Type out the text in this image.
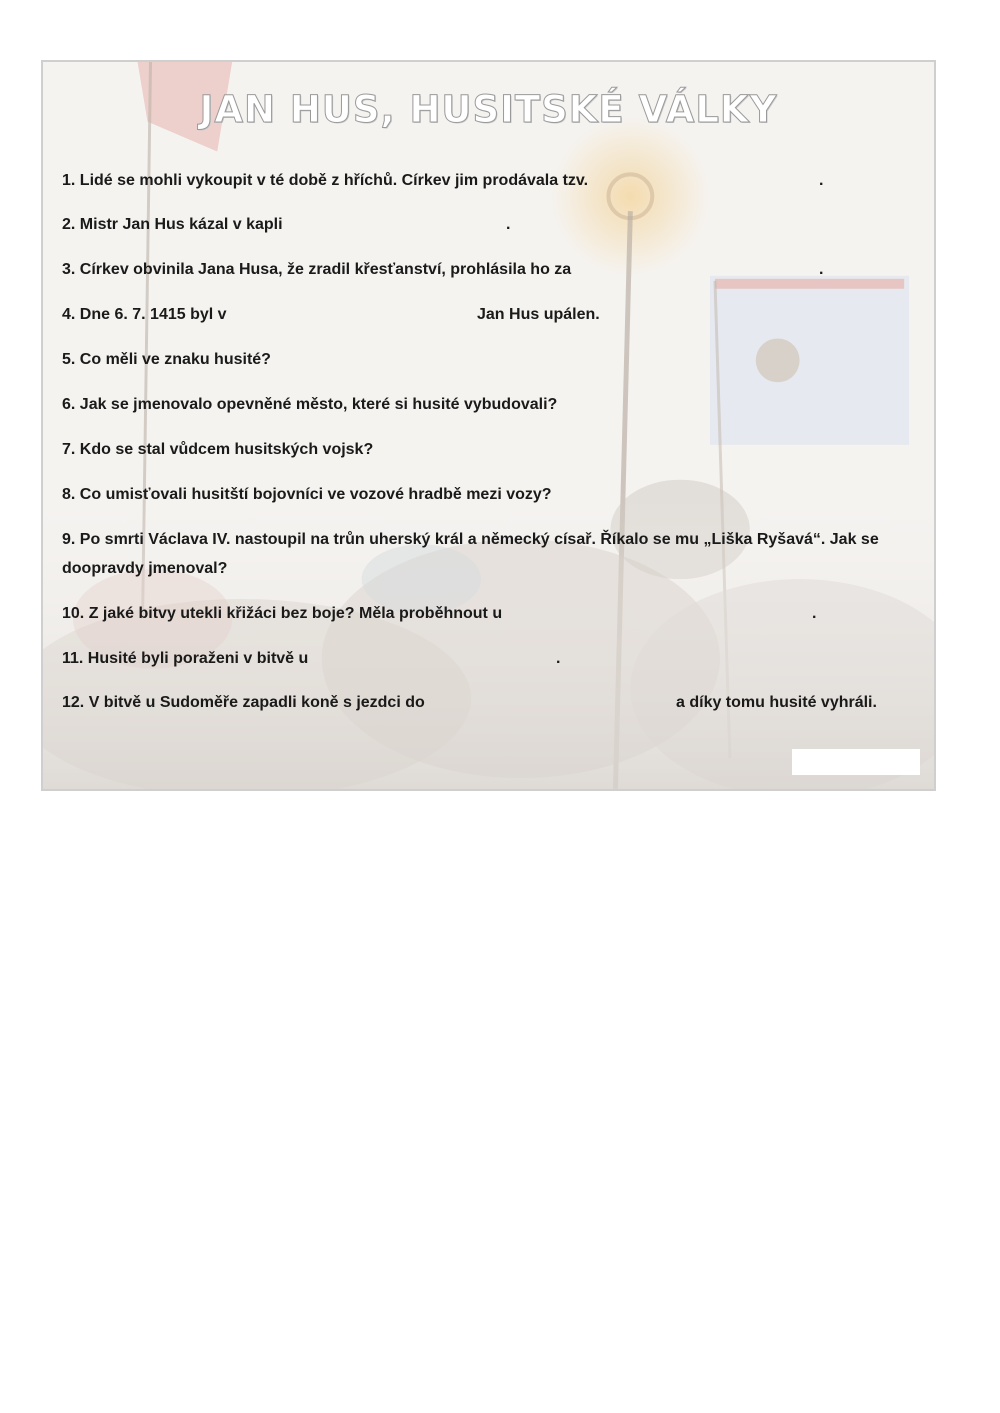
JAN HUS, HUSITSKÉ VÁLKY
1. Lidé se mohli vykoupit v té době z hříchů. Církev jim prodávala tzv.	.
2. Mistr Jan Hus kázal v kapli	.
3. Církev obvinila Jana Husa, že zradil křesťanství, prohlásila ho za	.
4. Dne 6. 7. 1415 byl v	Jan Hus upálen.
5. Co měli ve znaku husité?
6. Jak se jmenovalo opevněné město, které si husité vybudovali?
7. Kdo se stal vůdcem husitských vojsk?
8. Co umisťovali husitští bojovníci ve vozové hradbě mezi vozy?

9. Po smrti Václava IV. nastoupil na trůn uherský král a německý císař. Říkalo se mu „Liška Ryšavá“. Jak se doopravdy jmenoval?

10. Z jaké bitvy utekli křižáci bez boje? Měla proběhnout u	.
11. Husité byli poraženi v bitvě u	.
12. V bitvě u Sudoměře zapadli koně s jezdci do	a díky tomu husité vyhráli.
